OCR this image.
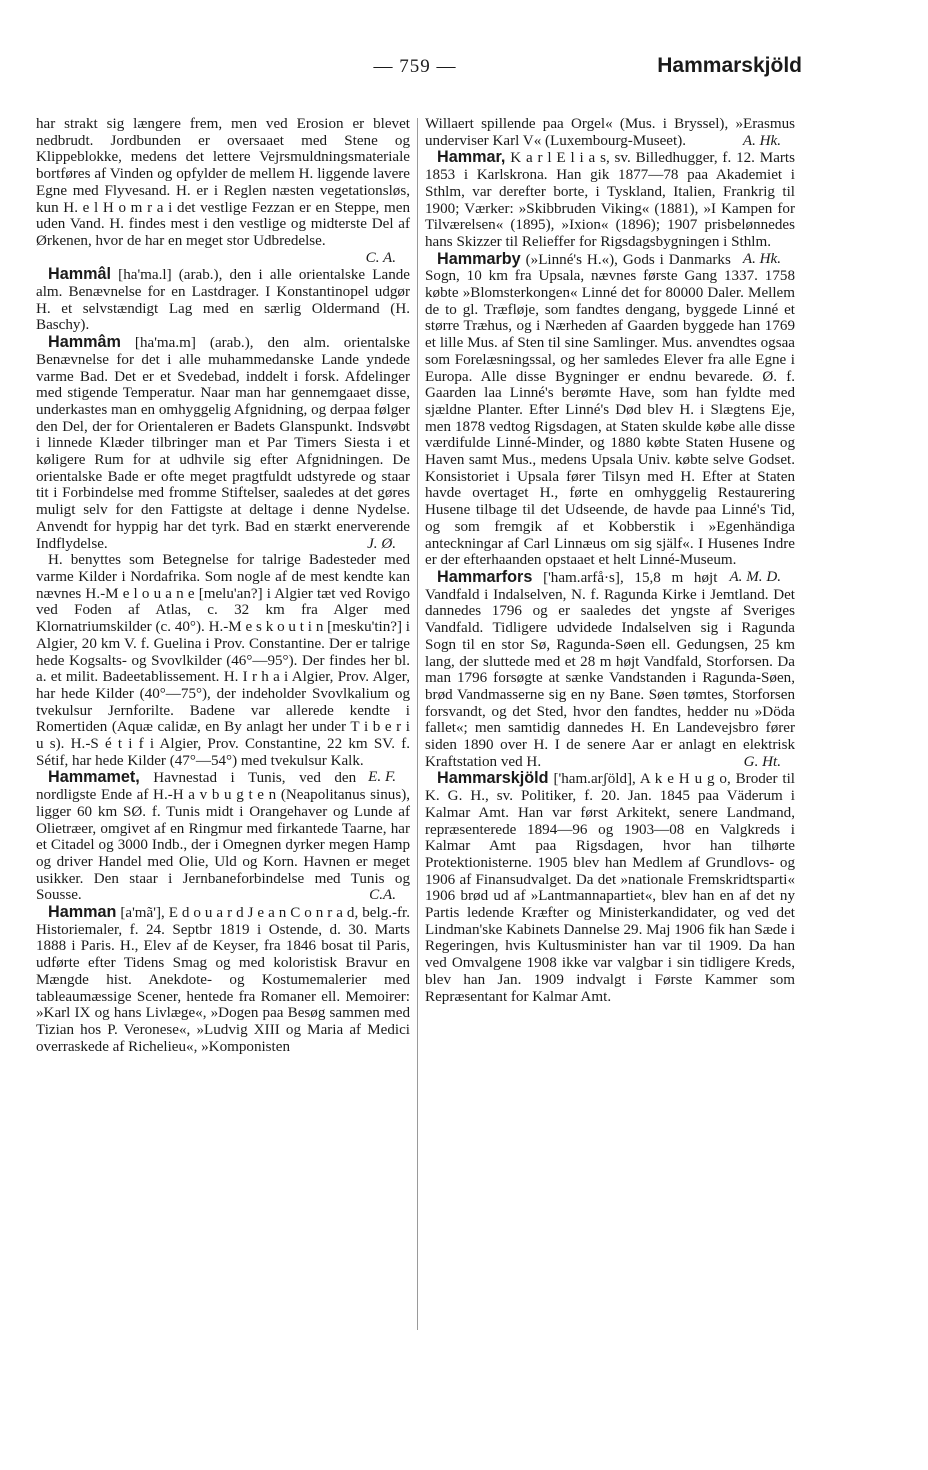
— 759 —	Hammarskjöld

har strakt sig længere frem, men ved Erosion er blevet nedbrudt. Jordbunden er oversaaet med Stene og Klippeblokke, medens det lettere Vejrsmuldningsmateriale bortføres af Vinden og opfylder de mellem H. liggende lavere Egne med Flyvesand. H. er i Reglen næsten vegetationsløs, kun H. e l H o m r a i det vestlige Fezzan er en Steppe, men uden Vand. H. findes mest i den vestlige og midterste Del af Ørkenen, hvor de har en meget stor Udbredelse.
C. A.

Hammâl [ha'ma.l] (arab.), den i alle orientalske Lande alm. Benævnelse for en Lastdrager. I Konstantinopel udgør H. et selvstændigt Lag med en særlig Oldermand (H. Baschy).

Hammâm [ha'ma.m] (arab.), den alm. orientalske Benævnelse for det i alle muhammedanske Lande yndede varme Bad. Det er et Svedebad, inddelt i forsk. Afdelinger med stigende Temperatur. Naar man har gennemgaaet disse, underkastes man en omhyggelig Afgnidning, og derpaa følger den Del, der for Orientaleren er Badets Glanspunkt. Indsvøbt i linnede Klæder tilbringer man et Par Timers Siesta i et køligere Rum for at udhvile sig efter Afgnidningen. De orientalske Bade er ofte meget pragtfuldt udstyrede og staar tit i Forbindelse med fromme Stiftelser, saaledes at det gøres muligt selv for den Fattigste at deltage i denne Nydelse. Anvendt for hyppig har det tyrk. Bad en stærkt enerverende Indflydelse.	J. Ø.

H. benyttes som Betegnelse for talrige Badesteder med varme Kilder i Nordafrika. Som nogle af de mest kendte kan nævnes H.-M e l o u a n e [melu'an?] i Algier tæt ved Rovigo ved Foden af Atlas, c. 32 km fra Alger med Klornatriumskilder (c. 40°). H.-M e s k o u t i n [mesku'tin?] i Algier, 20 km V. f. Guelina i Prov. Constantine. Der er talrige hede Kogsalts- og Svovlkilder (46°—95°). Der findes her bl. a. et milit. Badeetablissement. H. I r h a i Algier, Prov. Alger, har hede Kilder (40°—75°), der indeholder Svovlkalium og tvekulsur Jernforilte. Badene var allerede kendte i Romertiden (Aquæ calidæ, en By anlagt her under T i b e r i u s). H.-S é t i f i Algier, Prov. Constantine, 22 km SV. f. Sétif, har hede Kilder (47°—54°) med tvekulsur Kalk.
E. F.

Hammamet, Havnestad i Tunis, ved den nordligste Ende af H.-H a v b u g t e n (Neapolitanus sinus), ligger 60 km SØ. f. Tunis midt i Orangehaver og Lunde af Olietræer, omgivet af en Ringmur med firkantede Taarne, har et Citadel og 3000 Indb., der i Omegnen dyrker megen Hamp og driver Handel med Olie, Uld og Korn. Havnen er meget usikker. Den staar i Jernbaneforbindelse med Tunis og Sousse.	C.A.

Hamman [a'mã'], E d o u a r d J e a n C o n r a d, belg.-fr. Historiemaler, f. 24. Septbr 1819 i Ostende, d. 30. Marts 1888 i Paris. H., Elev af de Keyser, fra 1846 bosat til Paris, udførte efter Tidens Smag og med koloristisk Bravur en Mængde hist. Anekdote- og Kostumemalerier med tableaumæssige Scener, hentede fra Romaner ell. Memoirer: »Karl IX og hans Livlæge«, »Dogen paa Besøg sammen med Tizian hos P. Veronese«, »Ludvig XIII og Maria af Medici overraskede af Richelieu«, »Komponisten

Willaert spillende paa Orgel« (Mus. i Bryssel), »Erasmus underviser Karl V« (Luxembourg-Museet).	A. Hk.

Hammar, K a r l E l i a s, sv. Billedhugger, f. 12. Marts 1853 i Karlskrona. Han gik 1877—78 paa Akademiet i Sthlm, var derefter borte, i Tyskland, Italien, Frankrig til 1900; Værker: »Skibbruden Viking« (1881), »I Kampen for Tilværelsen« (1895), »Ixion« (1896); 1907 prisbelønnedes hans Skizzer til Relieffer for Rigsdagsbygningen i Sthlm.
A. Hk.

Hammarby (»Linné's H.«), Gods i Danmarks Sogn, 10 km fra Upsala, nævnes første Gang 1337. 1758 købte »Blomsterkongen« Linné det for 80000 Daler. Mellem de to gl. Træfløje, som fandtes dengang, byggede Linné et større Træhus, og i Nærheden af Gaarden byggede han 1769 et lille Mus. af Sten til sine Samlinger. Mus. anvendtes ogsaa som Forelæsningssal, og her samledes Elever fra alle Egne i Europa. Alle disse Bygninger er endnu bevarede. Ø. f. Gaarden laa Linné's berømte Have, som han fyldte med sjældne Planter. Efter Linné's Død blev H. i Slægtens Eje, men 1878 vedtog Rigsdagen, at Staten skulde købe alle disse værdifulde Linné-Minder, og 1880 købte Staten Husene og Haven samt Mus., medens Upsala Univ. købte selve Godset. Konsistoriet i Upsala fører Tilsyn med H. Efter at Staten havde overtaget H., førte en omhyggelig Restaurering Husene tilbage til det Udseende, de havde paa Linné's Tid, og som fremgik af et Kobberstik i »Egenhändiga anteckningar af Carl Linnæus om sig själf«. I Husenes Indre er der efterhaanden opstaaet et helt Linné-Museum.
A. M. D.

Hammarfors ['ham.arfå·s], 15,8 m højt Vandfald i Indalselven, N. f. Ragunda Kirke i Jemtland. Det dannedes 1796 og er saaledes det yngste af Sveriges Vandfald. Tidligere udvidede Indalselven sig i Ragunda Sogn til en stor Sø, Ragunda-Søen ell. Gedungsen, 25 km lang, der sluttede med et 28 m højt Vandfald, Storforsen. Da man 1796 forsøgte at sænke Vandstanden i Ragunda-Søen, brød Vandmasserne sig en ny Bane. Søen tømtes, Storforsen forsvandt, og det Sted, hvor den fandtes, hedder nu »Döda fallet«; men samtidig dannedes H. En Landevejsbro fører siden 1890 over H. I de senere Aar er anlagt en elektrisk Kraftstation ved H.	G. Ht.

Hammarskjöld ['ham.arʃöld], A k e H u g o, Broder til K. G. H., sv. Politiker, f. 20. Jan. 1845 paa Väderum i Kalmar Amt. Han var først Arkitekt, senere Landmand, repræsenterede 1894—96 og 1903—08 en Valgkreds i Kalmar Amt paa Rigsdagen, hvor han tilhørte Protektionisterne. 1905 blev han Medlem af Grundlovs- og 1906 af Finansudvalget. Da det »nationale Fremskridtsparti« 1906 brød ud af »Lantmannapartiet«, blev han en af det ny Partis ledende Kræfter og Ministerkandidater, og ved det Lindman'ske Kabinets Dannelse 29. Maj 1906 fik han Sæde i Regeringen, hvis Kultusminister han var til 1909. Da han ved Omvalgene 1908 ikke var valgbar i sin tidligere Kreds, blev han Jan. 1909 indvalgt i Første Kammer som Repræsentant for Kalmar Amt.
